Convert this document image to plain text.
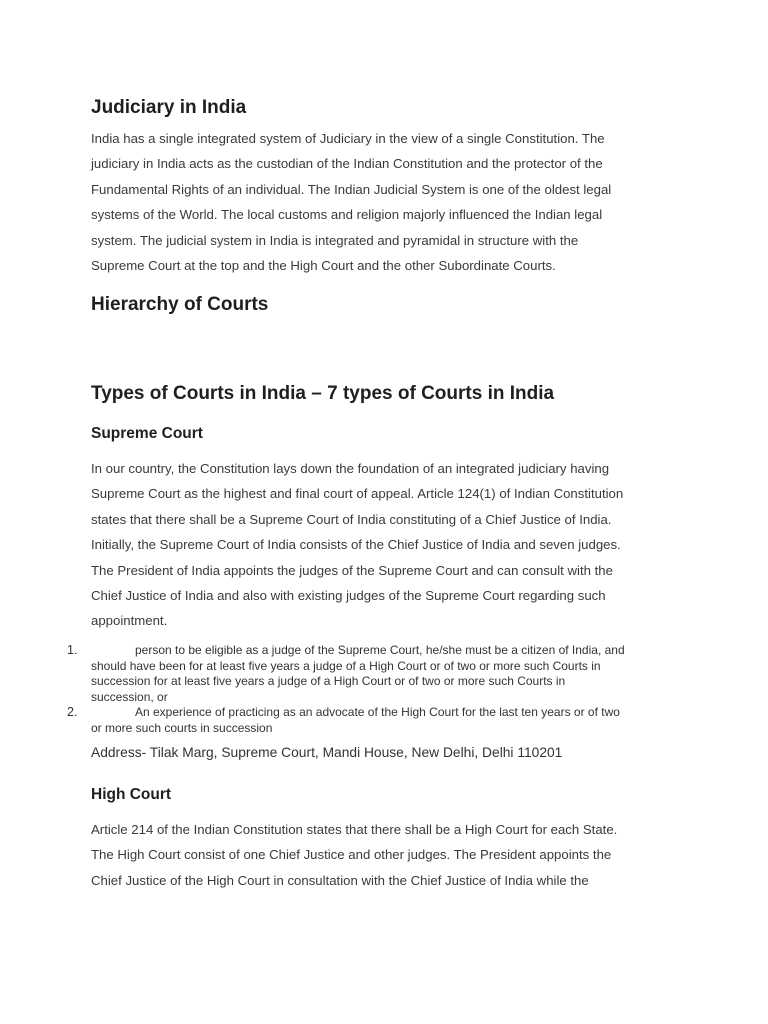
Judiciary in India

India has a single integrated system of Judiciary in the view of a single Constitution. The
judiciary in India acts as the custodian of the Indian Constitution and the protector of the
Fundamental Rights of an individual. The Indian Judicial System is one of the oldest legal
systems of the World. The local customs and religion majorly influenced the Indian legal
system. The judicial system in India is integrated and pyramidal in structure with the
Supreme Court at the top and the High Court and the other Subordinate Courts.

Hierarchy of Courts
Types of Courts in India – 7 types of Courts in India
Supreme Court

In our country, the Constitution lays down the foundation of an integrated judiciary having
Supreme Court as the highest and final court of appeal. Article 124(1) of Indian Constitution
states that there shall be a Supreme Court of India constituting of a Chief Justice of India.
Initially, the Supreme Court of India consists of the Chief Justice of India and seven judges.
The President of India appoints the judges of the Supreme Court and can consult with the
Chief Justice of India and also with existing judges of the Supreme Court regarding such
appointment.

1.	person to be eligible as a judge of the Supreme Court, he/she must be a citizen of India, and
should have been for at least five years a judge of a High Court or of two or more such Courts in
succession for at least five years a judge of a High Court or of two or more such Courts in
succession, or
2.	An experience of practicing as an advocate of the High Court for the last ten years or of two
or more such courts in succession
Address- Tilak Marg, Supreme Court, Mandi House, New Delhi, Delhi 110201
High Court

Article 214 of the Indian Constitution states that there shall be a High Court for each State.
The High Court consist of one Chief Justice and other judges. The President appoints the
Chief Justice of the High Court in consultation with the Chief Justice of India while the
